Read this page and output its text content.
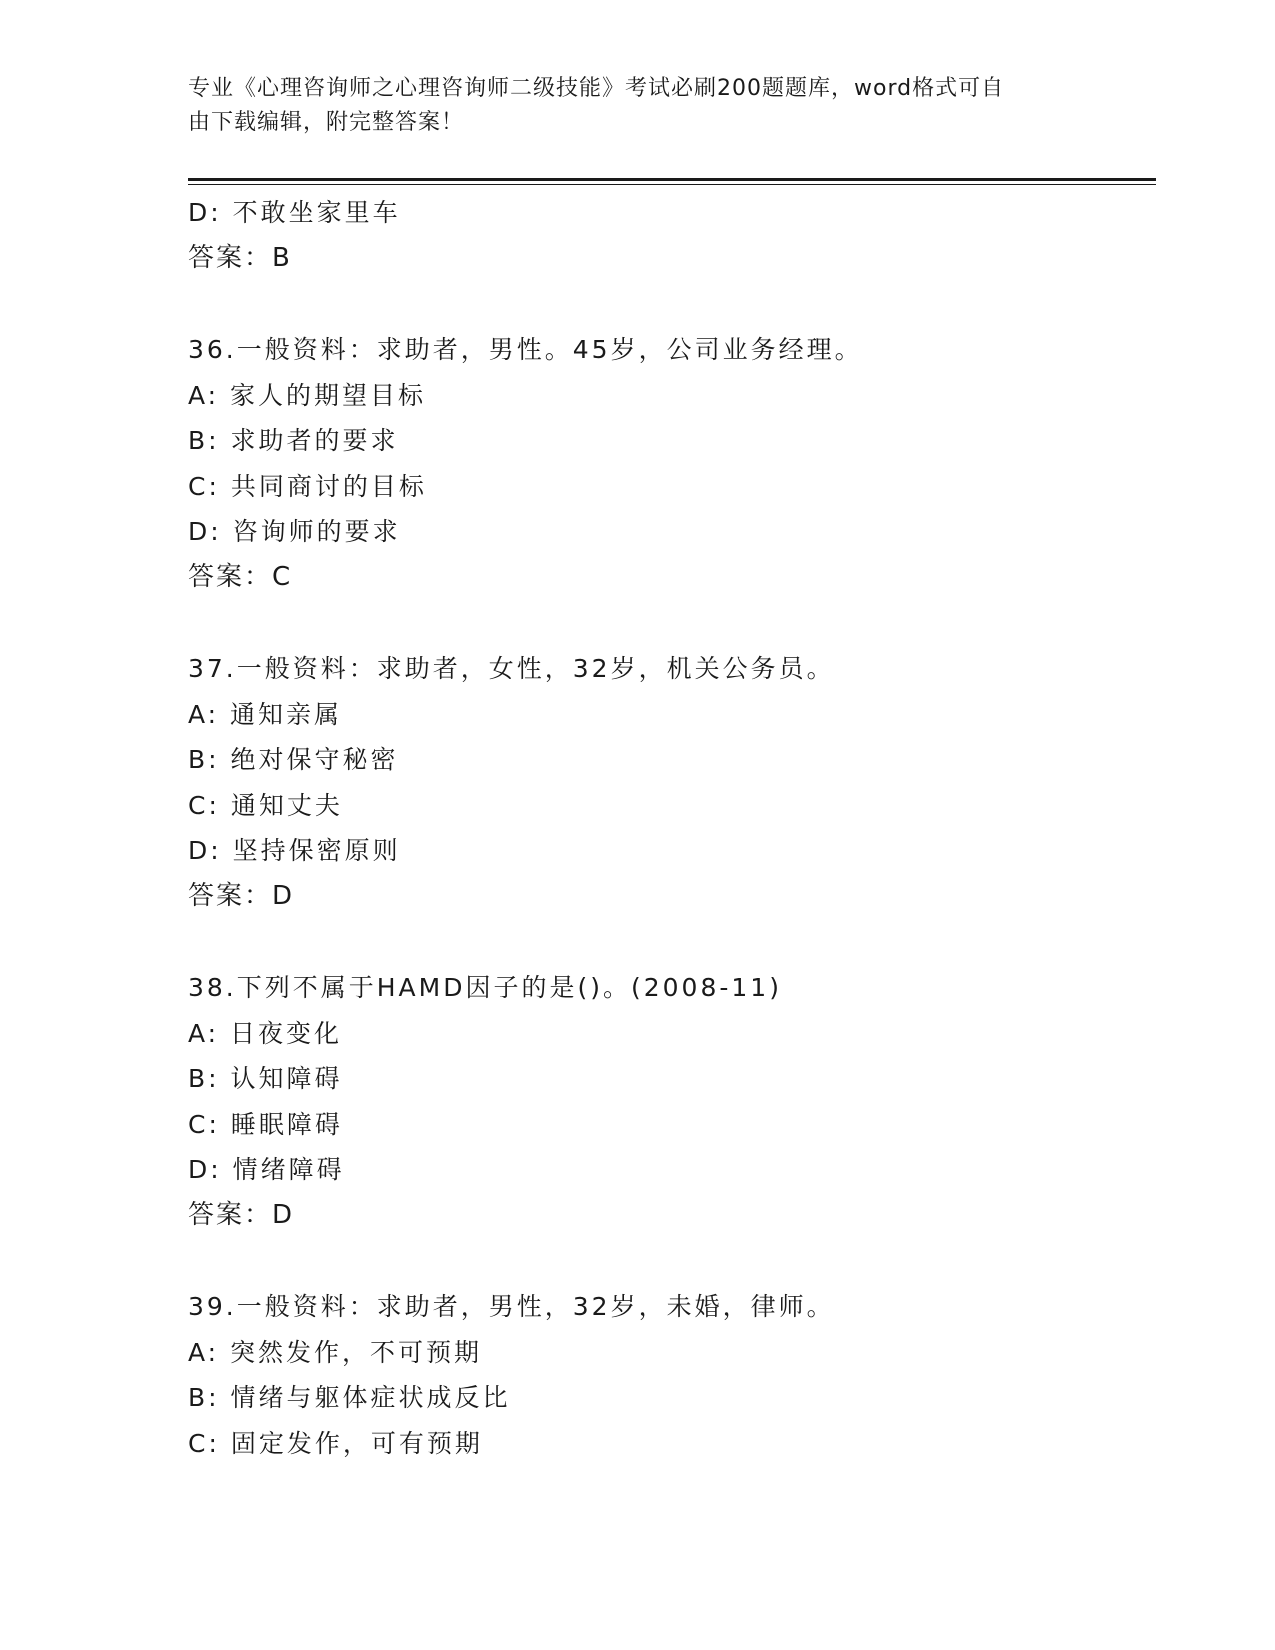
专业《心理咨询师之心理咨询师二级技能》考试必刷200题题库，word格式可自
由下载编辑，附完整答案！
D: 不敢坐家里车
答案：B
36.一般资料：求助者，男性。45岁，公司业务经理。
A: 家人的期望目标
B: 求助者的要求
C: 共同商讨的目标
D: 咨询师的要求
答案：C
37.一般资料：求助者，女性，32岁，机关公务员。
A: 通知亲属
B: 绝对保守秘密
C: 通知丈夫
D: 坚持保密原则
答案：D
38.下列不属于HAMD因子的是()。(2008-11)
A: 日夜变化
B: 认知障碍
C: 睡眠障碍
D: 情绪障碍
答案：D
39.一般资料：求助者，男性，32岁，未婚，律师。
A: 突然发作，不可预期
B: 情绪与躯体症状成反比
C: 固定发作，可有预期
